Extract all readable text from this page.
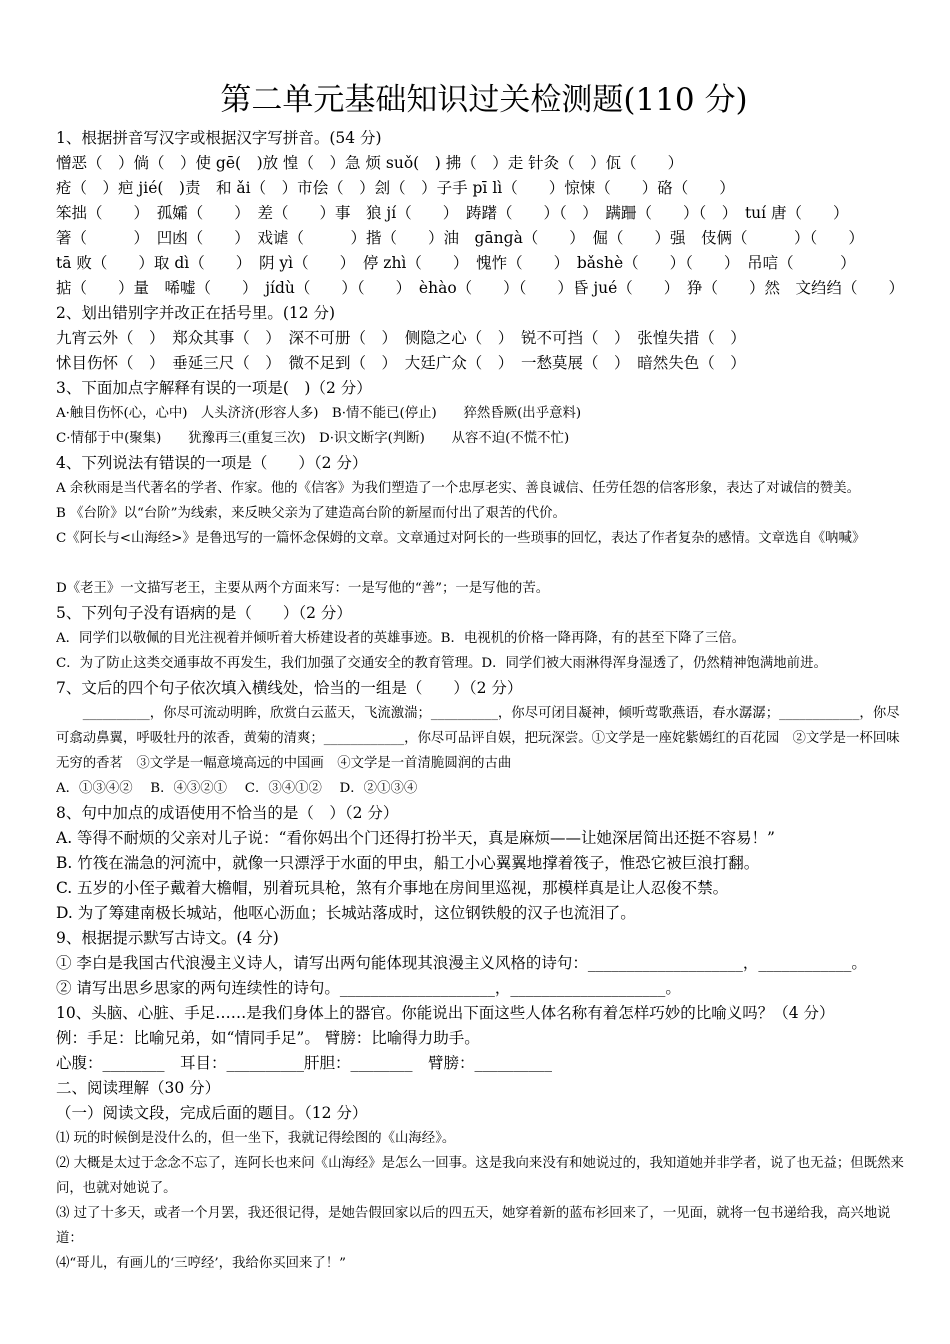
第二单元基础知识过关检测题(110 分)
1、根据拼音写汉字或根据汉字写拼音。(54 分)
憎恶（　）倘（　）使 gē(　)放 惶（　）急 烦 suǒ(　) 拂（　）走 针灸（　）佤（　　）
疮（　）疤 jié(　)责　和 ǎi（　）市侩（　）刽（　）子手 pī lì（　　）惊悚（　　）硌（　　）
笨拙（　　）　孤孀（　　）　差（　　）事　狼 jí（　　）　踌躇（　　）（　）　蹒跚（　　）（　）　tuí 唐（　　）
箸（　　　）　凹凼（　　）　戏谑（　　　）揩（　　）油　gānɡà（　　）　倔（　　）强　伎俩（　　　）（　　）
tā 败（　　）取 dì（　　）　阴 yì（　　）　停 zhì（　　）　愧怍（　　）　bǎshè（　　）（　　）　吊唁（　　　）
掂（　　）量　唏嘘（　　）　jídù（　　）（　　）　èhào（　　）（　　）昏 jué（　　）　狰（　　）然　文绉绉（　　）
2、划出错别字并改正在括号里。(12 分)
九宵云外（　）　郑众其事（　）　深不可册（　）　侧隐之心（　）　锐不可挡（　）　张惶失措（　）
怵目伤怀（　）　垂延三尺（　）　微不足到（　）　大廷广众（　）　一愁莫展（　）　暗然失色（　）
3、下面加点字解释有误的一项是(　)（2 分）
A·触目伤怀(心，心中)　人头济济(形容人多)　B·情不能已(停止)　　猝然昏厥(出乎意料)
C·情郁于中(聚集)　　犹豫再三(重复三次)　D·识文断字(判断)　　从容不迫(不慌不忙)
4、下列说法有错误的一项是（　　）（2 分）
A 余秋雨是当代著名的学者、作家。他的《信客》为我们塑造了一个忠厚老实、善良诚信、任劳任怨的信客形象，表达了对诚信的赞美。
B 《台阶》以“台阶”为线索，来反映父亲为了建造高台阶的新屋而付出了艰苦的代价。
C《阿长与<山海经>》是鲁迅写的一篇怀念保姆的文章。文章通过对阿长的一些琐事的回忆，表达了作者复杂的感情。文章选自《呐喊》
D《老王》一文描写老王，主要从两个方面来写：一是写他的“善”；一是写他的苦。
5、下列句子没有语病的是（　　）（2 分）
A．同学们以敬佩的目光注视着并倾听着大桥建设者的英雄事迹。B．电视机的价格一降再降，有的甚至下降了三倍。
C．为了防止这类交通事故不再发生，我们加强了交通安全的教育管理。D．同学们被大雨淋得浑身湿透了，仍然精神饱满地前进。
7、文后的四个句子依次填入横线处，恰当的一组是（　　）（2 分）
　　__________，你尽可流动明眸，欣赏白云蓝天，飞流激湍；__________，你尽可闭目凝神，倾听莺歌燕语，春水潺潺；____________，你尽可翕动鼻翼，呼吸牡丹的浓香，黄菊的清爽；____________，你尽可品评自娱，把玩深尝。①文学是一座姹紫嫣红的百花园　②文学是一杯回味无穷的香茗　③文学是一幅意境高远的中国画　④文学是一首清脆圆润的古曲
A．①③④②　 B．④③②①　 C．③④①②　 D．②①③④
8、句中加点的成语使用不恰当的是（　）（2 分）
A. 等得不耐烦的父亲对儿子说：“看你妈出个门还得打扮半天，真是麻烦——让她深居简出还挺不容易！”
B. 竹筏在湍急的河流中，就像一只漂浮于水面的甲虫，船工小心翼翼地撑着筏子，惟恐它被巨浪打翻。
C. 五岁的小侄子戴着大檐帽，别着玩具枪，煞有介事地在房间里巡视，那模样真是让人忍俊不禁。
D. 为了筹建南极长城站，他呕心沥血；长城站落成时，这位钢铁般的汉子也流泪了。
9、根据提示默写古诗文。(4 分)
① 李白是我国古代浪漫主义诗人，请写出两句能体现其浪漫主义风格的诗句：____________________，____________。
② 请写出思乡思家的两句连续性的诗句。____________________，____________________。
10、头脑、心脏、手足……是我们身体上的器官。你能说出下面这些人体名称有着怎样巧妙的比喻义吗？（4 分）
例：手足：比喻兄弟，如“情同手足”。 臂膀：比喻得力助手。
心腹：________　耳目：__________肝胆：________　臂膀：__________
二、阅读理解（30 分）
（一）阅读文段，完成后面的题目。（12 分）
⑴ 玩的时候倒是没什么的，但一坐下，我就记得绘图的《山海经》。
⑵ 大概是太过于念念不忘了，连阿长也来问《山海经》是怎么一回事。这是我向来没有和她说过的，我知道她并非学者，说了也无益；但既然来问，也就对她说了。
⑶ 过了十多天，或者一个月罢，我还很记得，是她告假回家以后的四五天，她穿着新的蓝布衫回来了，一见面，就将一包书递给我，高兴地说道：
⑷“哥儿，有画儿的‘三哼经’，我给你买回来了！”
